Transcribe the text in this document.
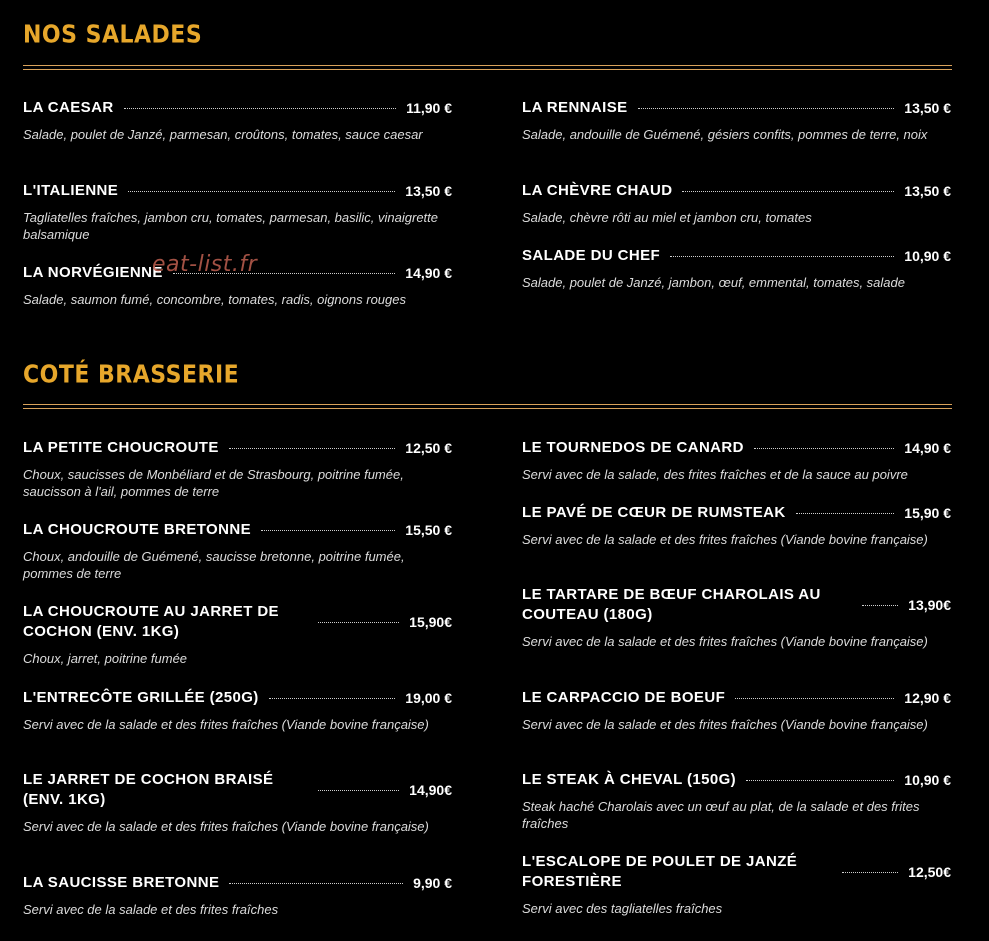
NOS SALADES
LA CAESAR	11,90 €
Salade, poulet de Janzé, parmesan, croûtons, tomates, sauce caesar
L'ITALIENNE	13,50 €
Tagliatelles fraîches, jambon cru, tomates, parmesan, basilic, vinaigrette balsamique
LA NORVÉGIENNE	14,90 €
Salade, saumon fumé, concombre, tomates, radis, oignons rouges
LA RENNAISE	13,50 €
Salade, andouille de Guémené, gésiers confits, pommes de terre, noix
LA CHÈVRE CHAUD	13,50 €
Salade, chèvre rôti au miel et jambon cru, tomates
SALADE DU CHEF	10,90 €
Salade, poulet de Janzé, jambon, œuf, emmental, tomates, salade
eat-list.fr
COTÉ BRASSERIE
LA PETITE CHOUCROUTE	12,50 €
Choux, saucisses de Monbéliard et de Strasbourg, poitrine fumée, saucisson à l'ail, pommes de terre
LA CHOUCROUTE BRETONNE	15,50 €
Choux, andouille de Guémené, saucisse bretonne, poitrine fumée, pommes de terre
LA CHOUCROUTE AU JARRET DE COCHON (ENV. 1KG)
15,90€
Choux, jarret, poitrine fumée
L'ENTRECÔTE GRILLÉE (250G)	19,00 €
Servi avec de la salade et des frites fraîches (Viande bovine française)
LE JARRET DE COCHON BRAISÉ (ENV. 1KG)
14,90€
Servi avec de la salade et des frites fraîches (Viande bovine française)
LA SAUCISSE BRETONNE	9,90 €
Servi avec de la salade et des frites fraîches
LE TOURNEDOS DE CANARD	14,90 €
Servi avec de la salade, des frites fraîches et de la sauce au poivre
LE PAVÉ DE CŒUR DE RUMSTEAK	15,90 €
Servi avec de la salade et des frites fraîches (Viande bovine française)
LE TARTARE DE BŒUF CHAROLAIS AU COUTEAU (180G)
13,90€
Servi avec de la salade et des frites fraîches (Viande bovine française)
LE CARPACCIO DE BOEUF	12,90 €
Servi avec de la salade et des frites fraîches (Viande bovine française)
LE STEAK À CHEVAL (150G)	10,90 €
Steak haché Charolais avec un œuf au plat, de la salade et des frites fraîches
L'ESCALOPE DE POULET DE JANZÉ FORESTIÈRE
12,50€
Servi avec des tagliatelles fraîches
